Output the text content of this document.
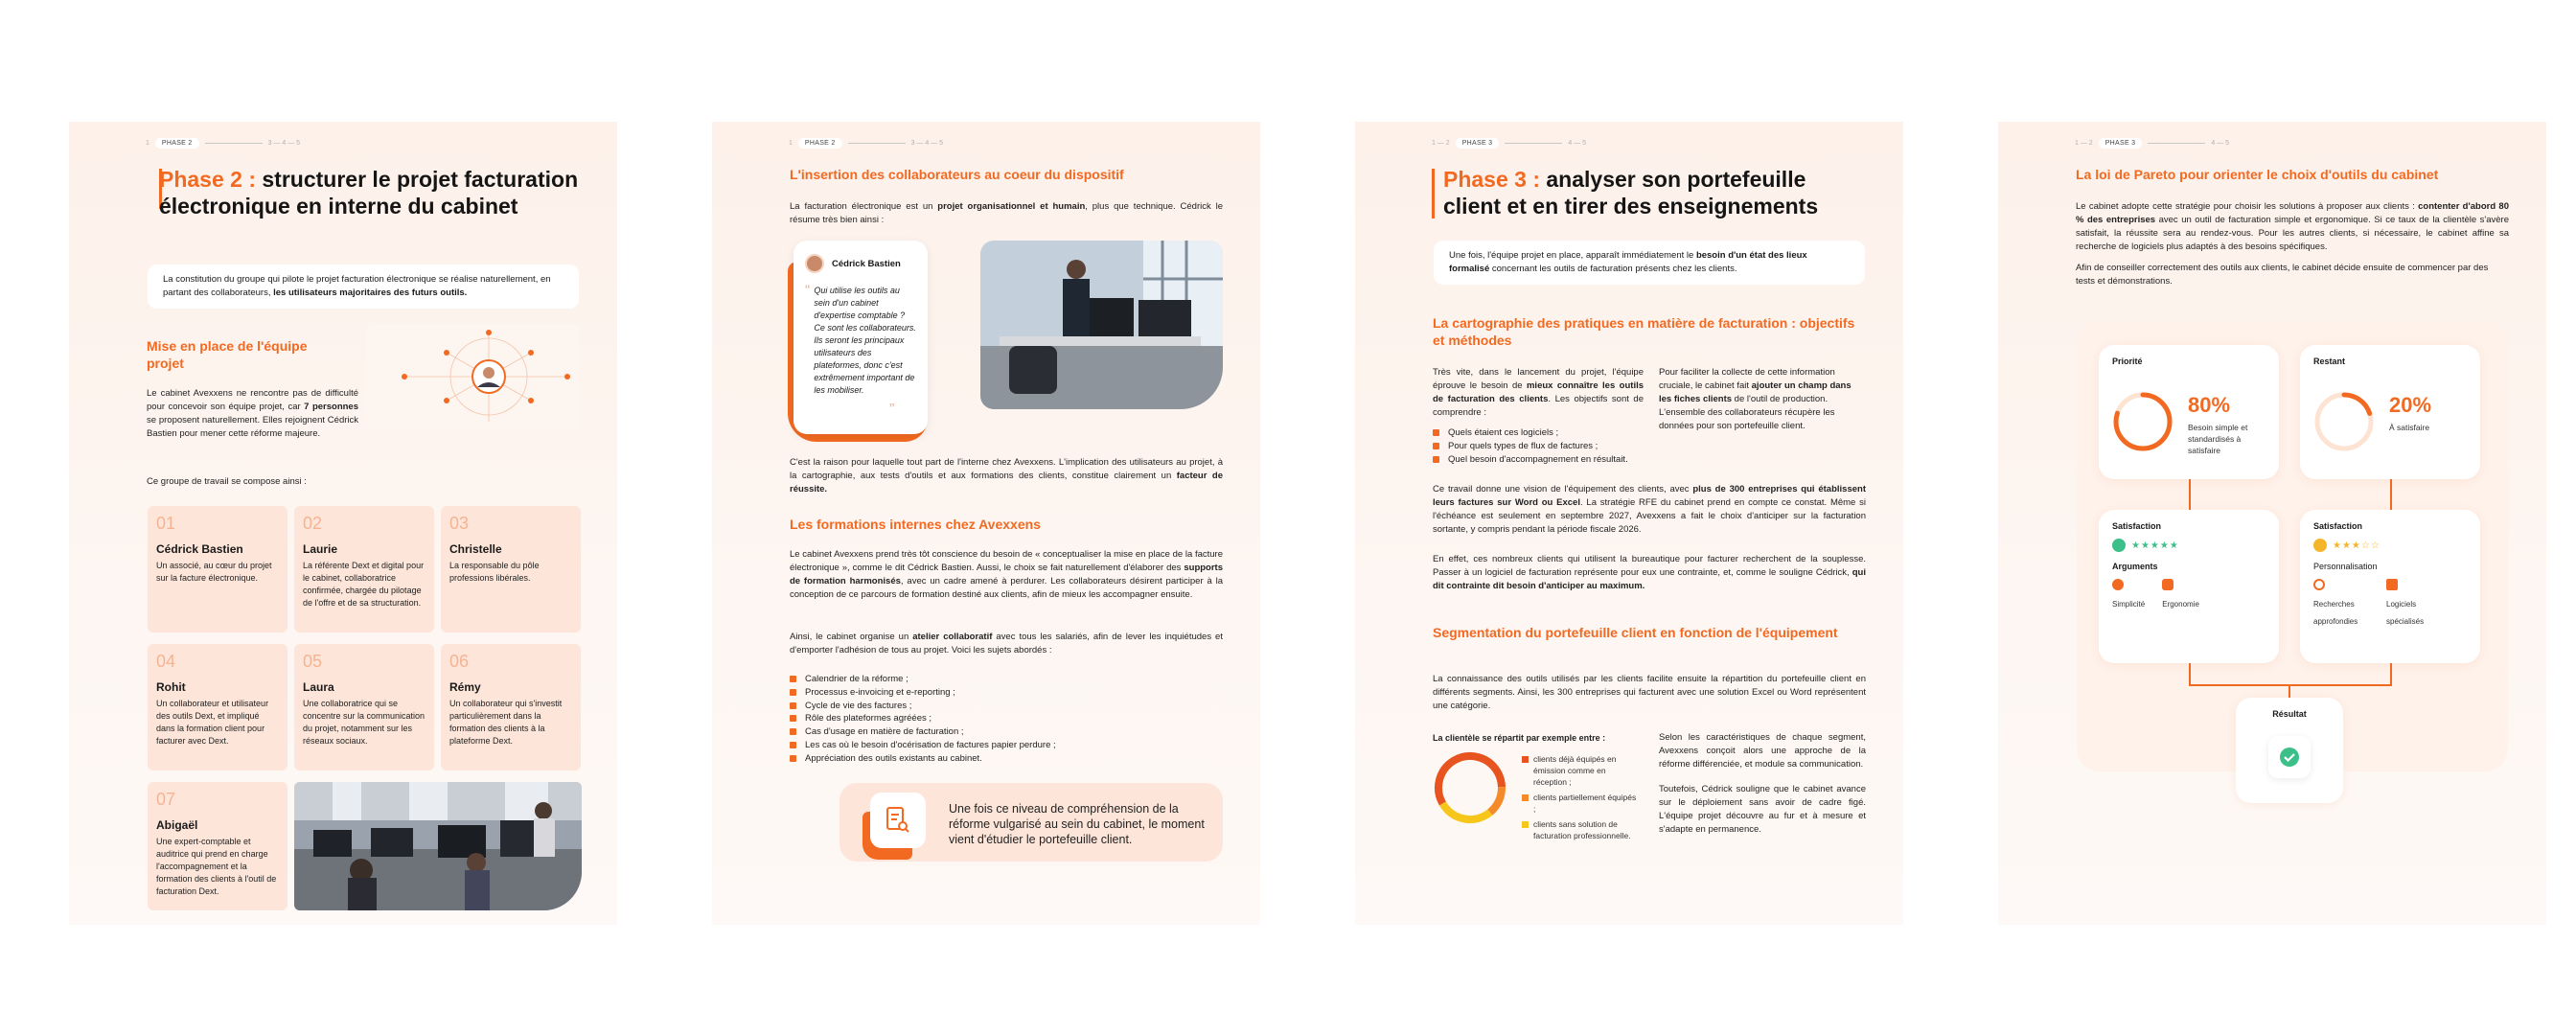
1	PHASE 2	3 — 4 — 5
Phase 2 : structurer le projet facturation électronique en interne du cabinet
La constitution du groupe qui pilote le projet facturation électronique se réalise naturellement, en partant des collaborateurs, les utilisateurs majoritaires des futurs outils.
Mise en place de l'équipe projet
Le cabinet Avexxens ne rencontre pas de difficulté pour concevoir son équipe projet, car 7 personnes se proposent naturellement. Elles rejoignent Cédrick Bastien pour mener cette réforme majeure.
Ce groupe de travail se compose ainsi :
01
Cédrick Bastien
Un associé, au cœur du projet sur la facture électronique.
02
Laurie
La référente Dext et digital pour le cabinet, collaboratrice confirmée, chargée du pilotage de l'offre et de sa structuration.
03
Christelle
La responsable du pôle professions libérales.
04
Rohit
Un collaborateur et utilisateur des outils Dext, et impliqué dans la formation client pour facturer avec Dext.
05
Laura
Une collaboratrice qui se concentre sur la communication du projet, notamment sur les réseaux sociaux.
06
Rémy
Un collaborateur qui s'investit particulièrement dans la formation des clients à la plateforme Dext.
07
Abigaël
Une expert-comptable et auditrice qui prend en charge l'accompagnement et la formation des clients à l'outil de facturation Dext.
1	PHASE 2	3 — 4 — 5
L'insertion des collaborateurs au coeur du dispositif
La facturation électronique est un projet organisationnel et humain, plus que technique. Cédrick le résume très bien ainsi :
Cédrick Bastien
“ Qui utilise les outils au sein d'un cabinet d'expertise comptable ? Ce sont les collaborateurs. Ils seront les principaux utilisateurs des plateformes, donc c'est extrêmement important de les mobiliser.
”
C'est la raison pour laquelle tout part de l'interne chez Avexxens. L'implication des utilisateurs au projet, à la cartographie, aux tests d'outils et aux formations des clients, constitue clairement un facteur de réussite.
Les formations internes chez Avexxens
Le cabinet Avexxens prend très tôt conscience du besoin de « conceptualiser la mise en place de la facture électronique », comme le dit Cédrick Bastien. Aussi, le choix se fait naturellement d'élaborer des supports de formation harmonisés, avec un cadre amené à perdurer. Les collaborateurs désirent participer à la conception de ce parcours de formation destiné aux clients, afin de mieux les accompagner ensuite.
Ainsi, le cabinet organise un atelier collaboratif avec tous les salariés, afin de lever les inquiétudes et d'emporter l'adhésion de tous au projet. Voici les sujets abordés :
Calendrier de la réforme ;
Processus e-invoicing et e-reporting ;
Cycle de vie des factures ;
Rôle des plateformes agréées ;
Cas d'usage en matière de facturation ;
Les cas où le besoin d'océrisation de factures papier perdure ;
Appréciation des outils existants au cabinet.
Une fois ce niveau de compréhension de la réforme vulgarisé au sein du cabinet, le moment vient d'étudier le portefeuille client.
1 — 2	PHASE 3	4 — 5
Phase 3 : analyser son portefeuille client et en tirer des enseignements
Une fois, l'équipe projet en place, apparaît immédiatement le besoin d'un état des lieux formalisé concernant les outils de facturation présents chez les clients.
La cartographie des pratiques en matière de facturation : objectifs et méthodes
Très vite, dans le lancement du projet, l'équipe éprouve le besoin de mieux connaître les outils de facturation des clients. Les objectifs sont de comprendre :
Quels étaient ces logiciels ;
Pour quels types de flux de factures ;
Quel besoin d'accompagnement en résultait.
Pour faciliter la collecte de cette information cruciale, le cabinet fait ajouter un champ dans les fiches clients de l'outil de production. L'ensemble des collaborateurs récupère les données pour son portefeuille client.
Ce travail donne une vision de l'équipement des clients, avec plus de 300 entreprises qui établissent leurs factures sur Word ou Excel. La stratégie RFE du cabinet prend en compte ce constat. Même si l'échéance est seulement en septembre 2027, Avexxens a fait le choix d'anticiper sur la facturation sortante, y compris pendant la période fiscale 2026.
En effet, ces nombreux clients qui utilisent la bureautique pour facturer recherchent de la souplesse. Passer à un logiciel de facturation représente pour eux une contrainte, et, comme le souligne Cédrick, qui dit contrainte dit besoin d'anticiper au maximum.
Segmentation du portefeuille client en fonction de l'équipement
La connaissance des outils utilisés par les clients facilite ensuite la répartition du portefeuille client en différents segments. Ainsi, les 300 entreprises qui facturent avec une solution Excel ou Word représentent une catégorie.
La clientèle se répartit par exemple entre :
clients déjà équipés en émission comme en réception ;
clients partiellement équipés ;
clients sans solution de facturation professionnelle.
Selon les caractéristiques de chaque segment, Avexxens conçoit alors une approche de la réforme différenciée, et module sa communication.
Toutefois, Cédrick souligne que le cabinet avance sur le déploiement sans avoir de cadre figé. L'équipe projet découvre au fur et à mesure et s'adapte en permanence.
1 — 2	PHASE 3	4 — 5
La loi de Pareto pour orienter le choix d'outils du cabinet
Le cabinet adopte cette stratégie pour choisir les solutions à proposer aux clients : contenter d'abord 80 % des entreprises avec un outil de facturation simple et ergonomique. Si ce taux de la clientèle s'avère satisfait, la réussite sera au rendez-vous. Pour les autres clients, si nécessaire, le cabinet affine sa recherche de logiciels plus adaptés à des besoins spécifiques.
Afin de conseiller correctement des outils aux clients, le cabinet décide ensuite de commencer par des tests et démonstrations.
Priorité
80%
Besoin simple et standardisés à satisfaire
Restant
20%
À satisfaire
Satisfaction
★★★★★
Arguments
Simplicité Ergonomie
Satisfaction
★★★☆☆
Personnalisation
Recherches approfondies
Logiciels spécialisés
Résultat
